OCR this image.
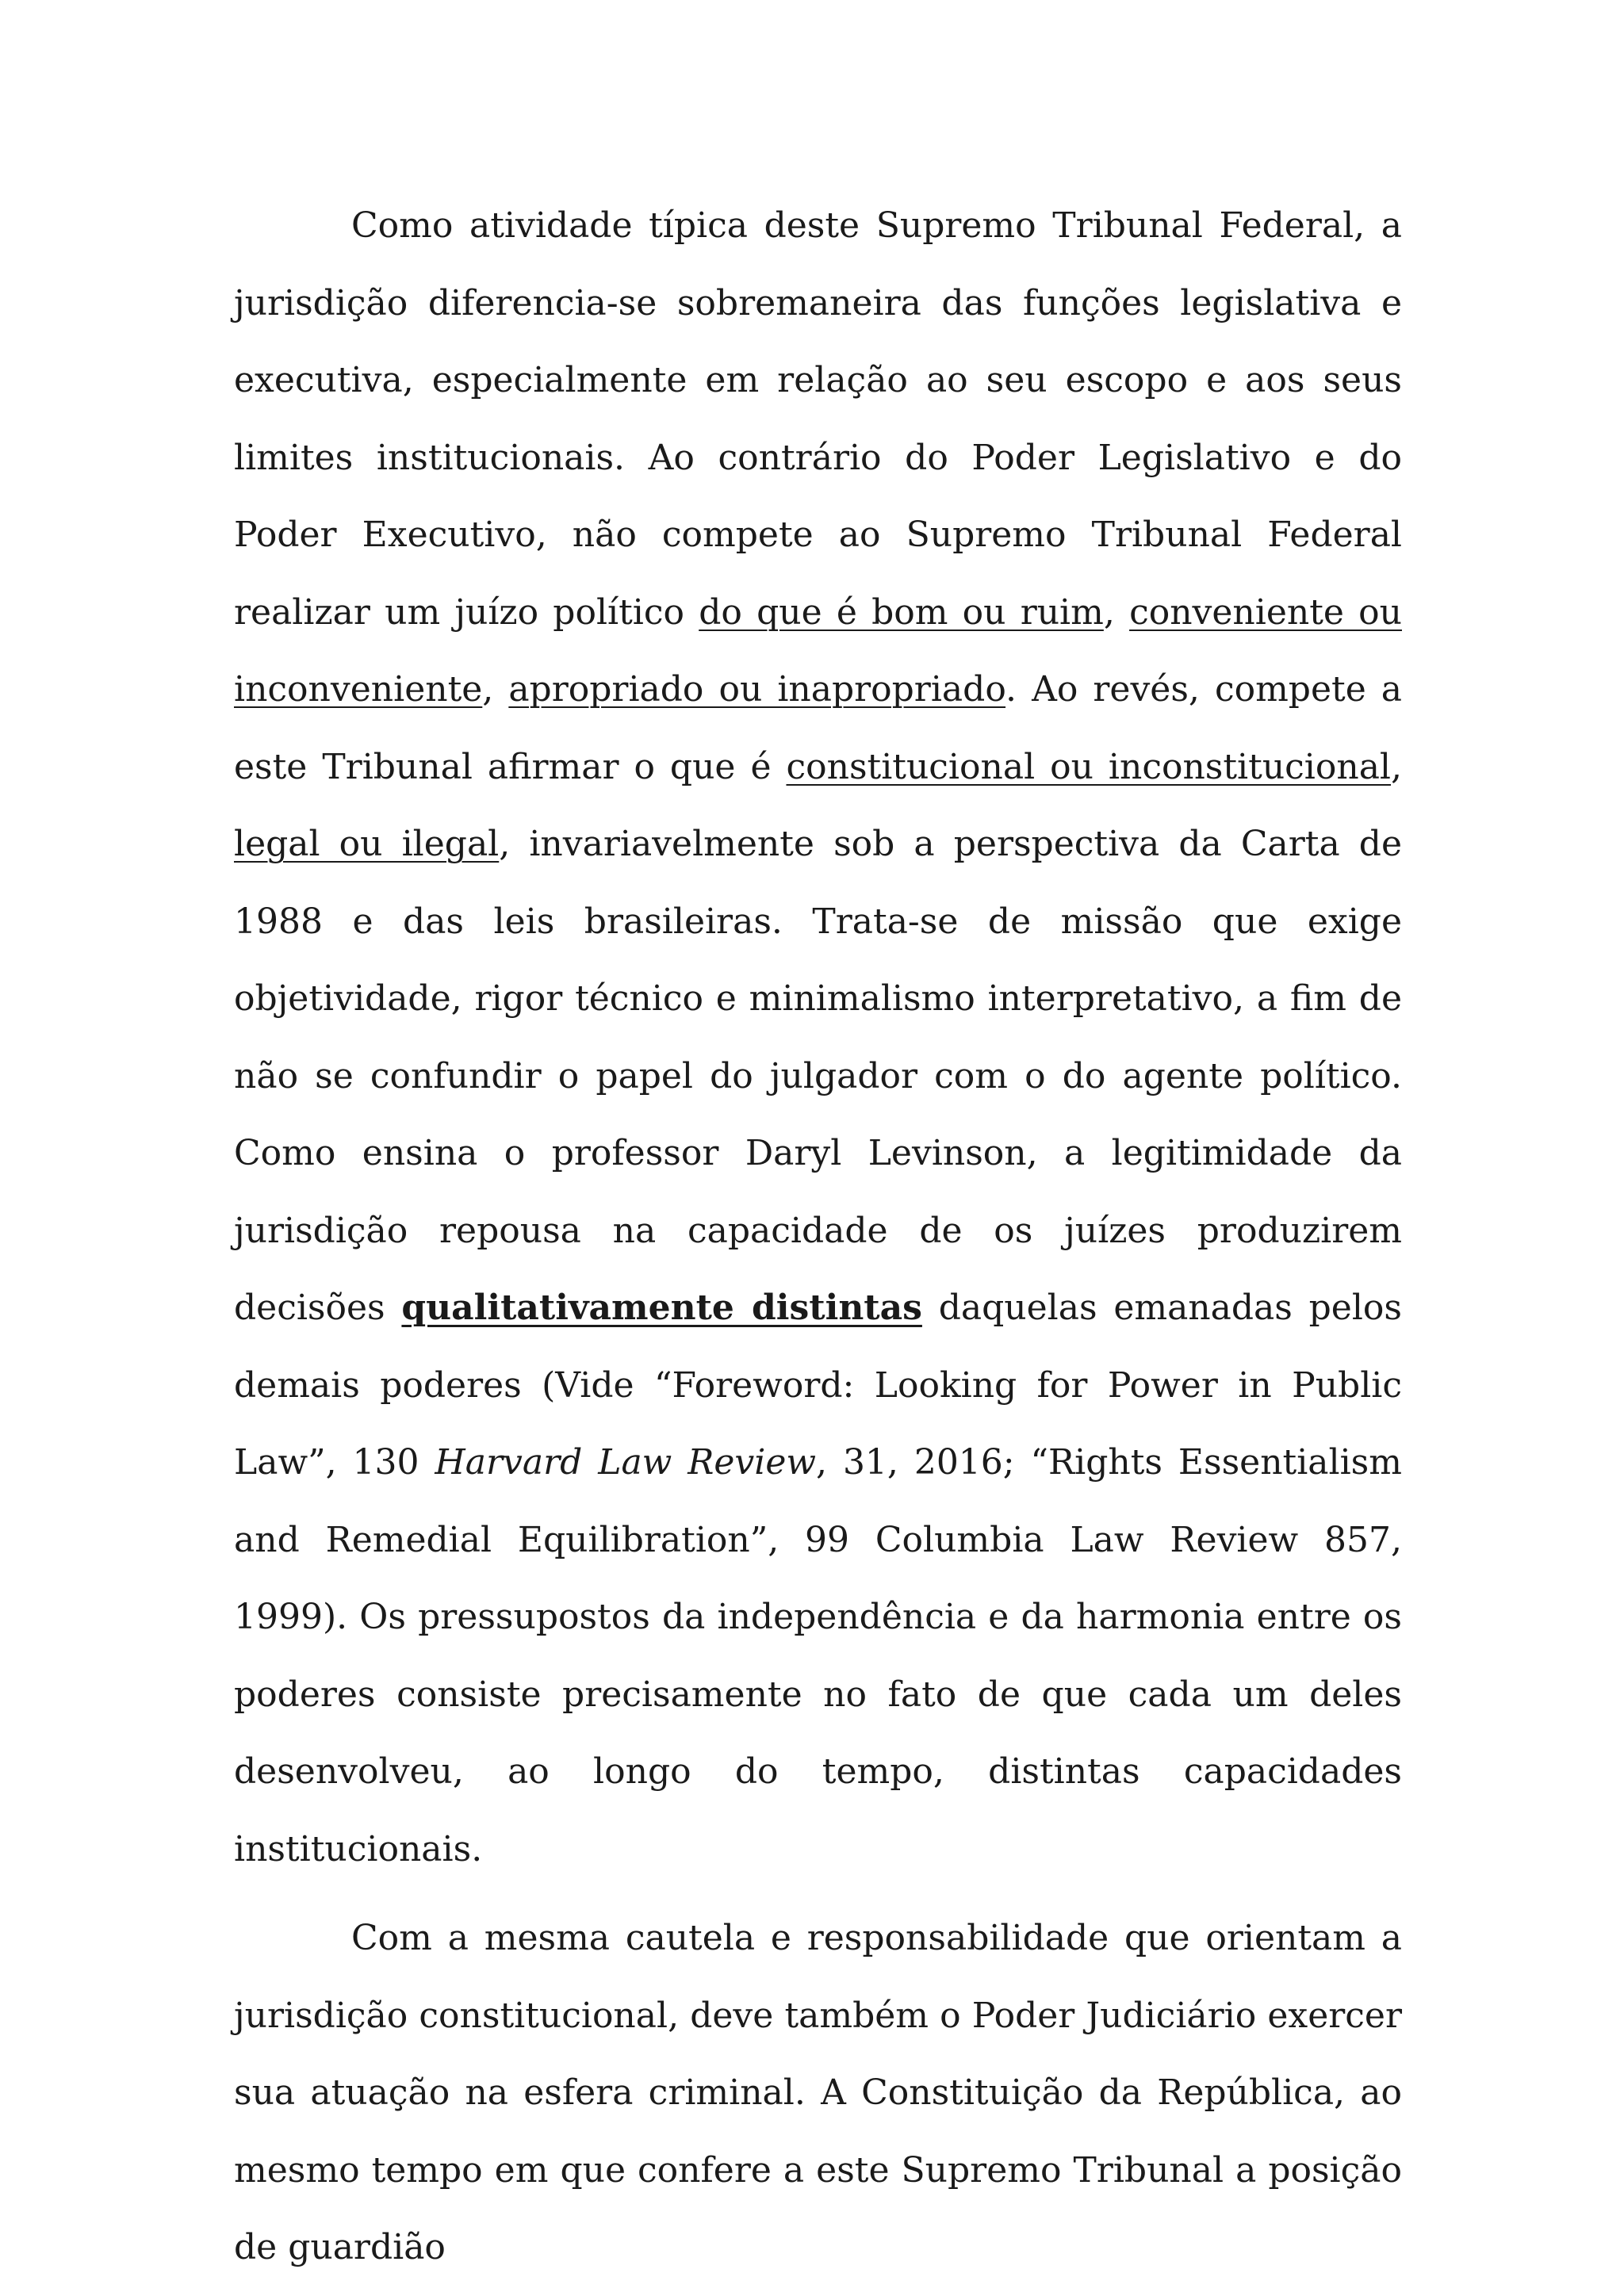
Como atividade típica deste Supremo Tribunal Federal, a jurisdição diferencia-se sobremaneira das funções legislativa e executiva, especialmente em relação ao seu escopo e aos seus limites institucionais. Ao contrário do Poder Legislativo e do Poder Executivo, não compete ao Supremo Tribunal Federal realizar um juízo político do que é bom ou ruim, conveniente ou inconveniente, apropriado ou inapropriado. Ao revés, compete a este Tribunal afirmar o que é constitucional ou inconstitucional, legal ou ilegal, invariavelmente sob a perspectiva da Carta de 1988 e das leis brasileiras. Trata-se de missão que exige objetividade, rigor técnico e minimalismo interpretativo, a fim de não se confundir o papel do julgador com o do agente político. Como ensina o professor Daryl Levinson, a legitimidade da jurisdição repousa na capacidade de os juízes produzirem decisões qualitativamente distintas daquelas emanadas pelos demais poderes (Vide “Foreword: Looking for Power in Public Law”, 130 Harvard Law Review, 31, 2016; “Rights Essentialism and Remedial Equilibration”, 99 Columbia Law Review 857, 1999). Os pressupostos da independência e da harmonia entre os poderes consiste precisamente no fato de que cada um deles desenvolveu, ao longo do tempo, distintas capacidades institucionais.

Com a mesma cautela e responsabilidade que orientam a jurisdição constitucional, deve também o Poder Judiciário exercer sua atuação na esfera criminal. A Constituição da República, ao mesmo tempo em que confere a este Supremo Tribunal a posição de guardião
